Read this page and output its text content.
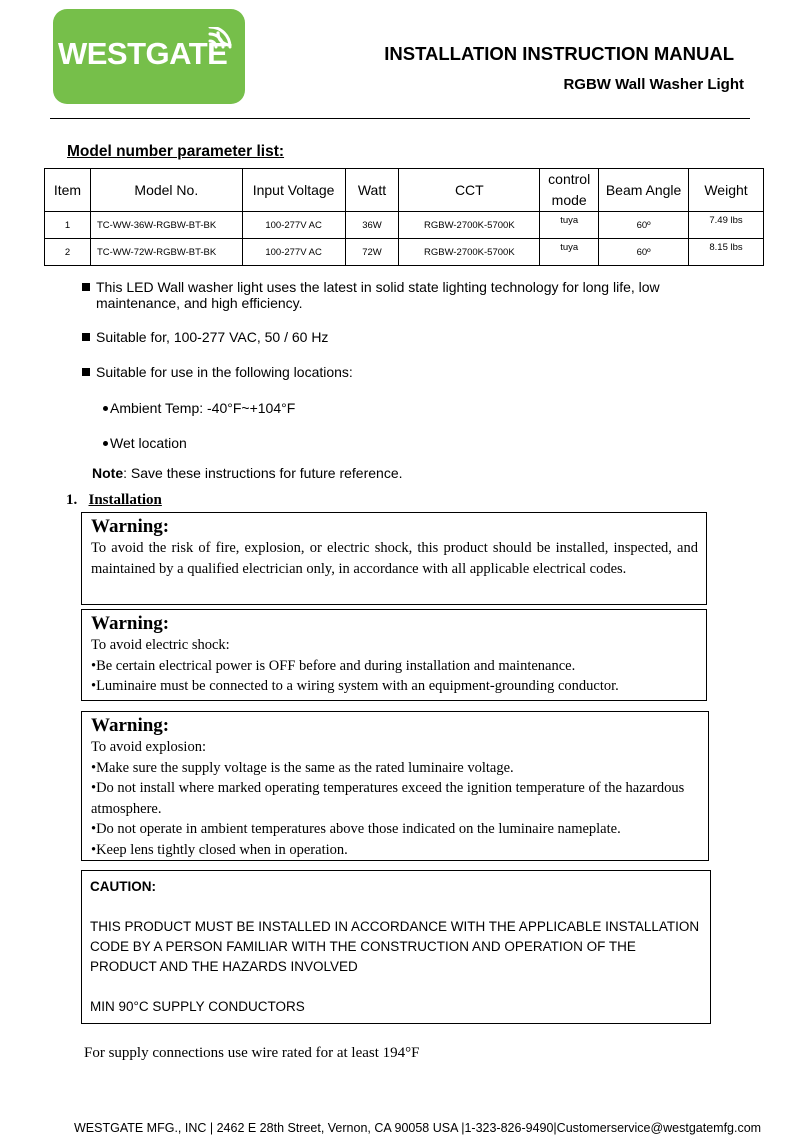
WESTGATE	INSTALLATION INSTRUCTION MANUAL
RGBW Wall Washer Light
Model number parameter list:
Item	Model No.	Input Voltage	Watt	CCT	control mode	Beam Angle	Weight
1	TC-WW-36W-RGBW-BT-BK	100-277V AC	36W	RGBW-2700K-5700K	tuya	60º	7.49 lbs
2	TC-WW-72W-RGBW-BT-BK	100-277V AC	72W	RGBW-2700K-5700K	tuya	60º	8.15 lbs
This LED Wall washer light uses the latest in solid state lighting technology for long life, low maintenance, and high efficiency.
Suitable for, 100-277 VAC, 50 / 60 Hz
Suitable for use in the following locations:
Ambient Temp: -40°F~+104°F
Wet location
Note: Save these instructions for future reference.
1. Installation
Warning:
To avoid the risk of fire, explosion, or electric shock, this product should be installed, inspected, and maintained by a qualified electrician only, in accordance with all applicable electrical codes.
Warning:
To avoid electric shock:
•Be certain electrical power is OFF before and during installation and maintenance.
•Luminaire must be connected to a wiring system with an equipment-grounding conductor.
Warning:
To avoid explosion:
•Make sure the supply voltage is the same as the rated luminaire voltage.
•Do not install where marked operating temperatures exceed the ignition temperature of the hazardous atmosphere.
•Do not operate in ambient temperatures above those indicated on the luminaire nameplate.
•Keep lens tightly closed when in operation.
CAUTION:
THIS PRODUCT MUST BE INSTALLED IN ACCORDANCE WITH THE APPLICABLE INSTALLATION CODE BY A PERSON FAMILIAR WITH THE CONSTRUCTION AND OPERATION OF THE PRODUCT AND THE HAZARDS INVOLVED
MIN 90°C SUPPLY CONDUCTORS
For supply connections use wire rated for at least 194°F
WESTGATE MFG., INC | 2462 E 28th Street, Vernon, CA 90058 USA |1-323-826-9490|Customerservice@westgatemfg.com
